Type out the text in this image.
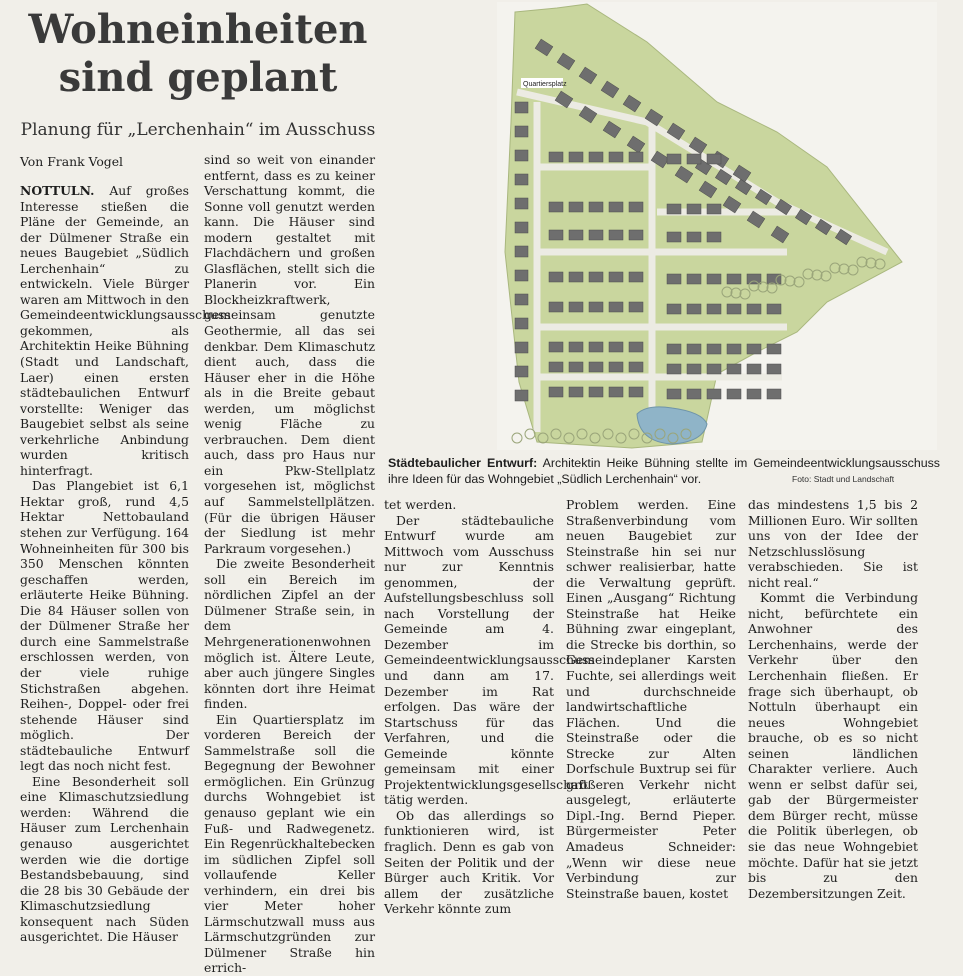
Wohneinheiten
sind geplant

Planung für „Lerchenhain“ im Ausschuss

Von Frank Vogel

NOTTULN. Auf großes Interesse stießen die Pläne der Gemeinde, an der Dülmener Straße ein neues Baugebiet „Südlich Lerchenhain“ zu entwickeln. Viele Bürger waren am Mittwoch in den Gemeindeentwicklungsausschuss gekommen, als Architektin Heike Bühning (Stadt und Landschaft, Laer) einen ersten städtebaulichen Entwurf vorstellte: Weniger das Baugebiet selbst als seine verkehrliche Anbindung wurden kritisch hinterfragt.

Das Plangebiet ist 6,1 Hektar groß, rund 4,5 Hektar Nettobauland stehen zur Verfügung. 164 Wohneinheiten für 300 bis 350 Menschen könnten geschaffen werden, erläuterte Heike Bühning. Die 84 Häuser sollen von der Dülmener Straße her durch eine Sammelstraße erschlossen werden, von der viele ruhige Stichstraßen abgehen. Reihen-, Doppel- oder frei stehende Häuser sind möglich. Der städtebauliche Entwurf legt das noch nicht fest.

Eine Besonderheit soll eine Klimaschutzsiedlung werden: Während die Häuser zum Lerchenhain genauso ausgerichtet werden wie die dortige Bestandsbebauung, sind die 28 bis 30 Gebäude der Klimaschutzsiedlung konsequent nach Süden ausgerichtet. Die Häuser

sind so weit von einander entfernt, dass es zu keiner Verschattung kommt, die Sonne voll genutzt werden kann. Die Häuser sind modern gestaltet mit Flachdächern und großen Glasflächen, stellt sich die Planerin vor. Ein Blockheizkraftwerk, gemeinsam genutzte Geothermie, all das sei denkbar. Dem Klimaschutz dient auch, dass die Häuser eher in die Höhe als in die Breite gebaut werden, um möglichst wenig Fläche zu verbrauchen. Dem dient auch, dass pro Haus nur ein Pkw-Stellplatz vorgesehen ist, möglichst auf Sammelstellplätzen. (Für die übrigen Häuser der Siedlung ist mehr Parkraum vorgesehen.)

Die zweite Besonderheit soll ein Bereich im nördlichen Zipfel an der Dülmener Straße sein, in dem Mehrgenerationenwohnen möglich ist. Ältere Leute, aber auch jüngere Singles könnten dort ihre Heimat finden.

Ein Quartiersplatz im vorderen Bereich der Sammelstraße soll die Begegnung der Bewohner ermöglichen. Ein Grünzug durchs Wohngebiet ist genauso geplant wie ein Fuß- und Radwegenetz. Ein Regenrückhaltebecken im südlichen Zipfel soll vollaufende Keller verhindern, ein drei bis vier Meter hoher Lärmschutzwall muss aus Lärmschutzgründen zur Dülmener Straße hin errich-

tet werden.

Der städtebauliche Entwurf wurde am Mittwoch vom Ausschuss nur zur Kenntnis genommen, der Aufstellungsbeschluss soll nach Vorstellung der Gemeinde am 4. Dezember im Gemeindeentwicklungsausschuss und dann am 17. Dezember im Rat erfolgen. Das wäre der Startschuss für das Verfahren, und die Gemeinde könnte gemeinsam mit einer Projektentwicklungsgesellschaft tätig werden.

Ob das allerdings so funktionieren wird, ist fraglich. Denn es gab von Seiten der Politik und der Bürger auch Kritik. Vor allem der zusätzliche Verkehr könnte zum

Problem werden. Eine Straßenverbindung vom neuen Baugebiet zur Steinstraße hin sei nur schwer realisierbar, hatte die Verwaltung geprüft. Einen „Ausgang“ Richtung Steinstraße hat Heike Bühning zwar eingeplant, die Strecke bis dorthin, so Gemeindeplaner Karsten Fuchte, sei allerdings weit und durchschneide landwirtschaftliche Flächen. Und die Steinstraße oder die Strecke zur Alten Dorfschule Buxtrup sei für größeren Verkehr nicht ausgelegt, erläuterte Dipl.-Ing. Bernd Pieper. Bürgermeister Peter Amadeus Schneider: „Wenn wir diese neue Verbindung zur Steinstraße bauen, kostet

das mindestens 1,5 bis 2 Millionen Euro. Wir sollten uns von der Idee der Netzschlusslösung verabschieden. Sie ist nicht real.“

Kommt die Verbindung nicht, befürchtete ein Anwohner des Lerchenhains, werde der Verkehr über den Lerchenhain fließen. Er frage sich überhaupt, ob Nottuln überhaupt ein neues Wohngebiet brauche, ob es so nicht seinen ländlichen Charakter verliere. Auch wenn er selbst dafür sei, gab der Bürgermeister dem Bürger recht, müsse die Politik überlegen, ob sie das neue Wohngebiet möchte. Dafür hat sie jetzt bis zu den Dezembersitzungen Zeit.

Quartiersplatz

Städtebaulicher Entwurf: Architektin Heike Bühning stellte im Gemeindeentwicklungsausschuss ihre Ideen für das Wohngebiet „Südlich Lerchenhain“ vor.	Foto: Stadt und Landschaft
